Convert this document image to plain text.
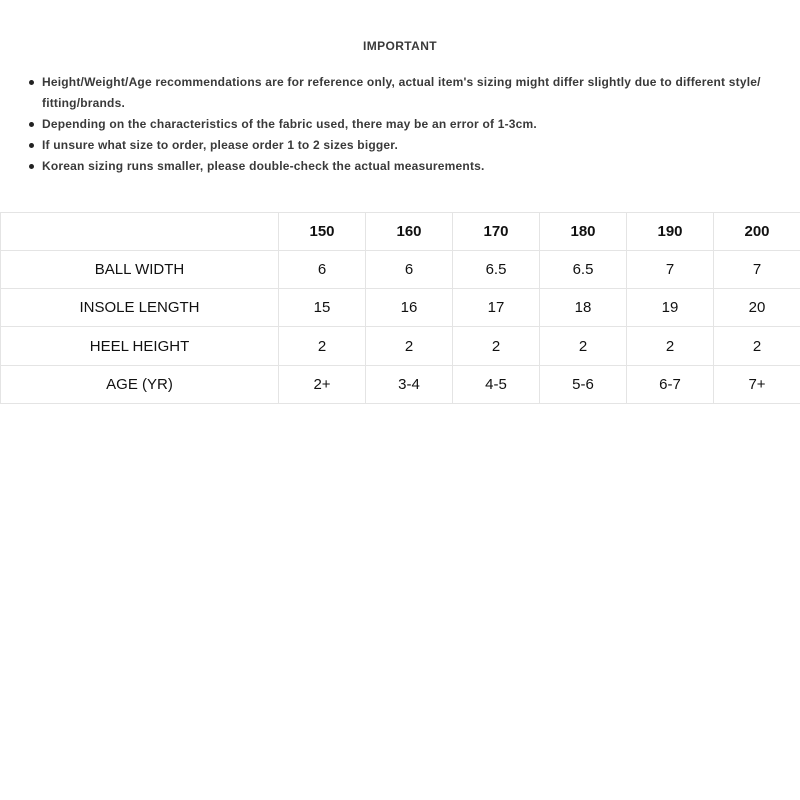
IMPORTANT
Height/Weight/Age recommendations are for reference only, actual item's sizing might differ slightly due to different style/ fitting/brands.
Depending on the characteristics of the fabric used, there may be an error of 1-3cm.
If unsure what size to order, please order 1 to 2 sizes bigger.
Korean sizing runs smaller, please double-check the actual measurements.
	150	160	170	180	190	200
BALL WIDTH	6	6	6.5	6.5	7	7
INSOLE LENGTH	15	16	17	18	19	20
HEEL HEIGHT	2	2	2	2	2	2
AGE (YR)	2+	3-4	4-5	5-6	6-7	7+
